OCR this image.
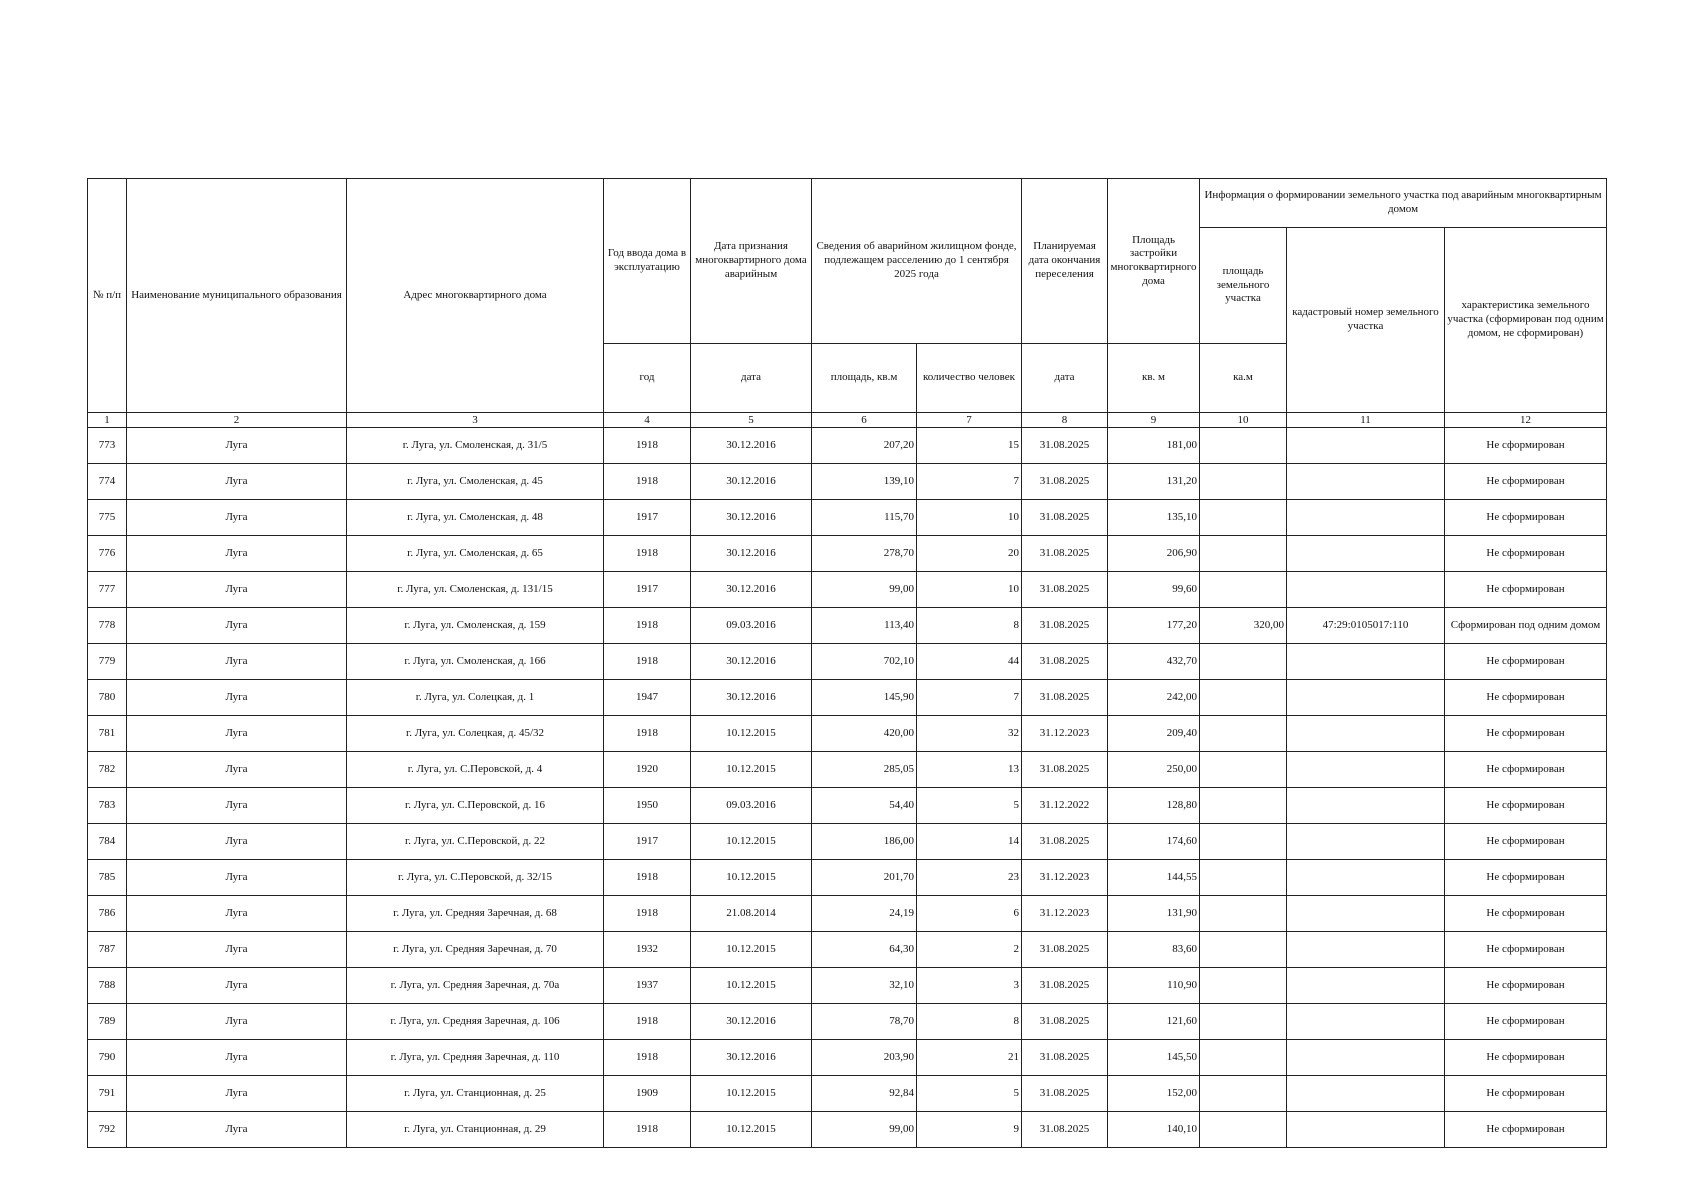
№ п/п	Наименование муниципального образования	Адрес многоквартирного дома	Год ввода дома в эксплуатацию	Дата признания многоквартирного дома аварийным	Сведения об аварийном жилищном фонде, подлежащем расселению до 1 сентября 2025 года		Планируемая дата окончания переселения	Площадь застройки многоквартирного дома	Информация о формировании земельного участка под аварийным многоквартирным домом		
									площадь земельного участка	кадастровый номер земельного участка	характеристика земельного участка (сформирован под одним домом, не сформирован)
			год	дата	площадь, кв.м	количество человек	дата	кв. м	ка.м		
1	2	3	4	5	6	7	8	9	10	11	12
773	Луга	г. Луга, ул. Смоленская, д. 31/5	1918	30.12.2016	207,20	15	31.08.2025	181,00			Не сформирован
774	Луга	г. Луга, ул. Смоленская, д. 45	1918	30.12.2016	139,10	7	31.08.2025	131,20			Не сформирован
775	Луга	г. Луга, ул. Смоленская, д. 48	1917	30.12.2016	115,70	10	31.08.2025	135,10			Не сформирован
776	Луга	г. Луга, ул. Смоленская, д. 65	1918	30.12.2016	278,70	20	31.08.2025	206,90			Не сформирован
777	Луга	г. Луга, ул. Смоленская, д. 131/15	1917	30.12.2016	99,00	10	31.08.2025	99,60			Не сформирован
778	Луга	г. Луга, ул. Смоленская, д. 159	1918	09.03.2016	113,40	8	31.08.2025	177,20	320,00	47:29:0105017:110	Сформирован под одним домом
779	Луга	г. Луга, ул. Смоленская, д. 166	1918	30.12.2016	702,10	44	31.08.2025	432,70			Не сформирован
780	Луга	г. Луга, ул. Солецкая, д. 1	1947	30.12.2016	145,90	7	31.08.2025	242,00			Не сформирован
781	Луга	г. Луга, ул. Солецкая, д. 45/32	1918	10.12.2015	420,00	32	31.12.2023	209,40			Не сформирован
782	Луга	г. Луга, ул. С.Перовской, д. 4	1920	10.12.2015	285,05	13	31.08.2025	250,00			Не сформирован
783	Луга	г. Луга, ул. С.Перовской, д. 16	1950	09.03.2016	54,40	5	31.12.2022	128,80			Не сформирован
784	Луга	г. Луга, ул. С.Перовской, д. 22	1917	10.12.2015	186,00	14	31.08.2025	174,60			Не сформирован
785	Луга	г. Луга, ул. С.Перовской, д. 32/15	1918	10.12.2015	201,70	23	31.12.2023	144,55			Не сформирован
786	Луга	г. Луга, ул. Средняя Заречная, д. 68	1918	21.08.2014	24,19	6	31.12.2023	131,90			Не сформирован
787	Луга	г. Луга, ул. Средняя Заречная, д. 70	1932	10.12.2015	64,30	2	31.08.2025	83,60			Не сформирован
788	Луга	г. Луга, ул. Средняя Заречная, д. 70а	1937	10.12.2015	32,10	3	31.08.2025	110,90			Не сформирован
789	Луга	г. Луга, ул. Средняя Заречная, д. 106	1918	30.12.2016	78,70	8	31.08.2025	121,60			Не сформирован
790	Луга	г. Луга, ул. Средняя Заречная, д. 110	1918	30.12.2016	203,90	21	31.08.2025	145,50			Не сформирован
791	Луга	г. Луга, ул. Станционная, д. 25	1909	10.12.2015	92,84	5	31.08.2025	152,00			Не сформирован
792	Луга	г. Луга, ул. Станционная, д. 29	1918	10.12.2015	99,00	9	31.08.2025	140,10			Не сформирован
